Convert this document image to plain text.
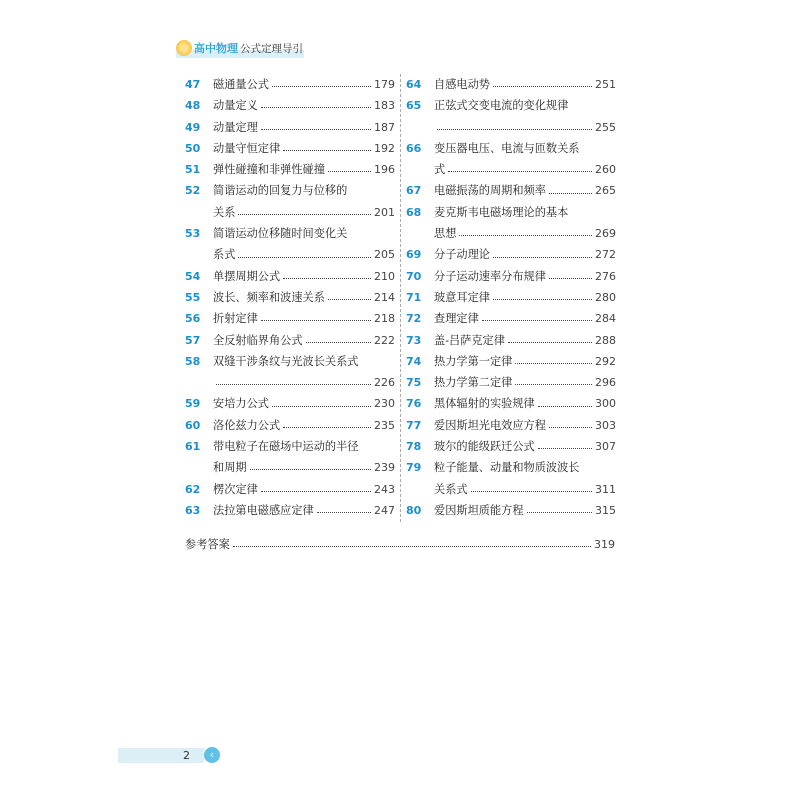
高中物理 公式定理导引
47	磁通量公式	179
48	动量定义	183
49	动量定理	187
50	动量守恒定律	192
51	弹性碰撞和非弹性碰撞	196
52	简谐运动的回复力与位移的
关系	201
53	简谐运动位移随时间变化关
系式	205
54	单摆周期公式	210
55	波长、频率和波速关系	214
56	折射定律	218
57	全反射临界角公式	222
58	双缝干涉条纹与光波长关系式
226
59	安培力公式	230
60	洛伦兹力公式	235
61	带电粒子在磁场中运动的半径
和周期	239
62	楞次定律	243
63	法拉第电磁感应定律	247
64	自感电动势	251
65	正弦式交变电流的变化规律
255
66	变压器电压、电流与匝数关系
式	260
67	电磁振荡的周期和频率	265
68	麦克斯韦电磁场理论的基本
思想	269
69	分子动理论	272
70	分子运动速率分布规律	276
71	玻意耳定律	280
72	查理定律	284
73	盖-吕萨克定律	288
74	热力学第一定律	292
75	热力学第二定律	296
76	黑体辐射的实验规律	300
77	爱因斯坦光电效应方程	303
78	玻尔的能级跃迁公式	307
79	粒子能量、动量和物质波波长
关系式	311
80	爱因斯坦质能方程	315
参考答案	319
2	‹
